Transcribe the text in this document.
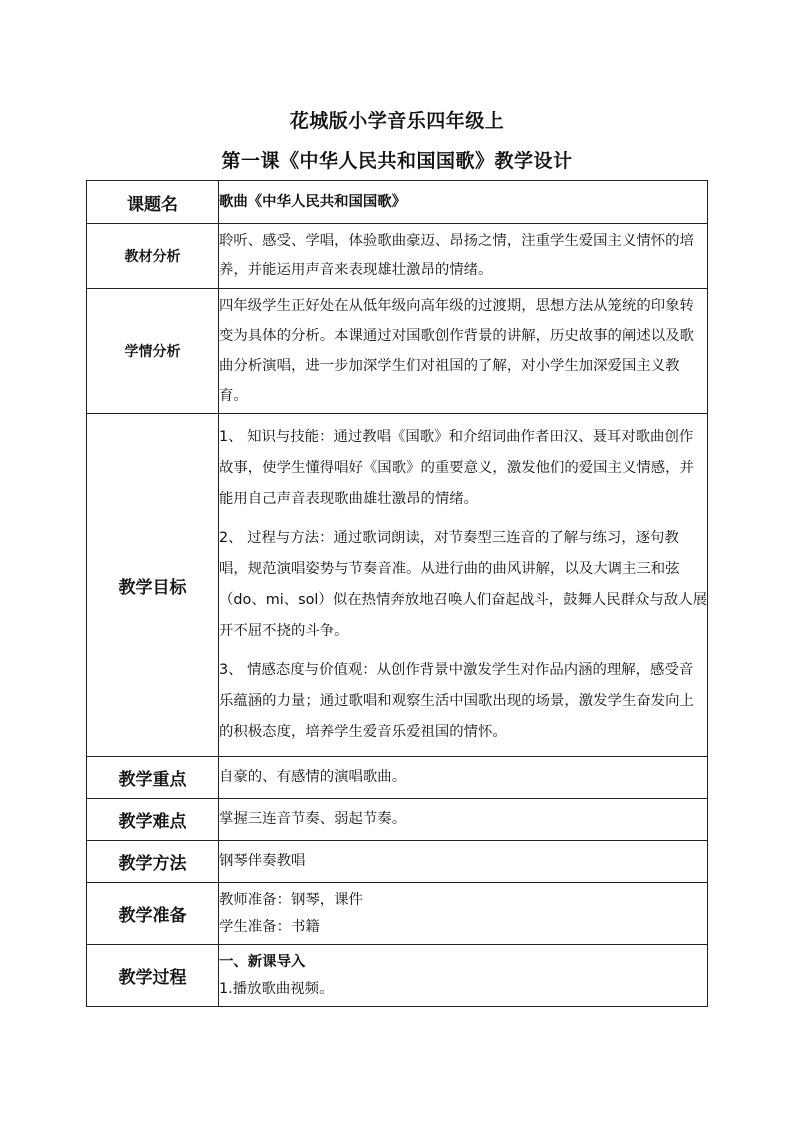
花城版小学音乐四年级上
第一课《中华人民共和国国歌》教学设计
课题名	歌曲《中华人民共和国国歌》
教材分析	聆听、感受、学唱，体验歌曲豪迈、昂扬之情，注重学生爱国主义情怀的培养，并能运用声音来表现雄壮激昂的情绪。
学情分析	四年级学生正好处在从低年级向高年级的过渡期，思想方法从笼统的印象转变为具体的分析。本课通过对国歌创作背景的讲解，历史故事的阐述以及歌曲分析演唱，进一步加深学生们对祖国的了解，对小学生加深爱国主义教育。
教学目标	1、 知识与技能：通过教唱《国歌》和介绍词曲作者田汉、聂耳对歌曲创作故事，使学生懂得唱好《国歌》的重要意义，激发他们的爱国主义情感，并能用自己声音表现歌曲雄壮激昂的情绪。

2、 过程与方法：通过歌词朗读，对节奏型三连音的了解与练习，逐句教唱，规范演唱姿势与节奏音准。从进行曲的曲风讲解，以及大调主三和弦（do、mi、sol）似在热情奔放地召唤人们奋起战斗，鼓舞人民群众与敌人展开不屈不挠的斗争。

3、 情感态度与价值观：从创作背景中激发学生对作品内涵的理解，感受音乐蕴涵的力量；通过歌唱和观察生活中国歌出现的场景，激发学生奋发向上的积极态度，培养学生爱音乐爱祖国的情怀。

教学重点	自豪的、有感情的演唱歌曲。
教学难点	掌握三连音节奏、弱起节奏。
教学方法	钢琴伴奏教唱
教学准备	教师准备：钢琴，课件
学生准备：书籍

教学过程	一、新课导入
1.播放歌曲视频。
